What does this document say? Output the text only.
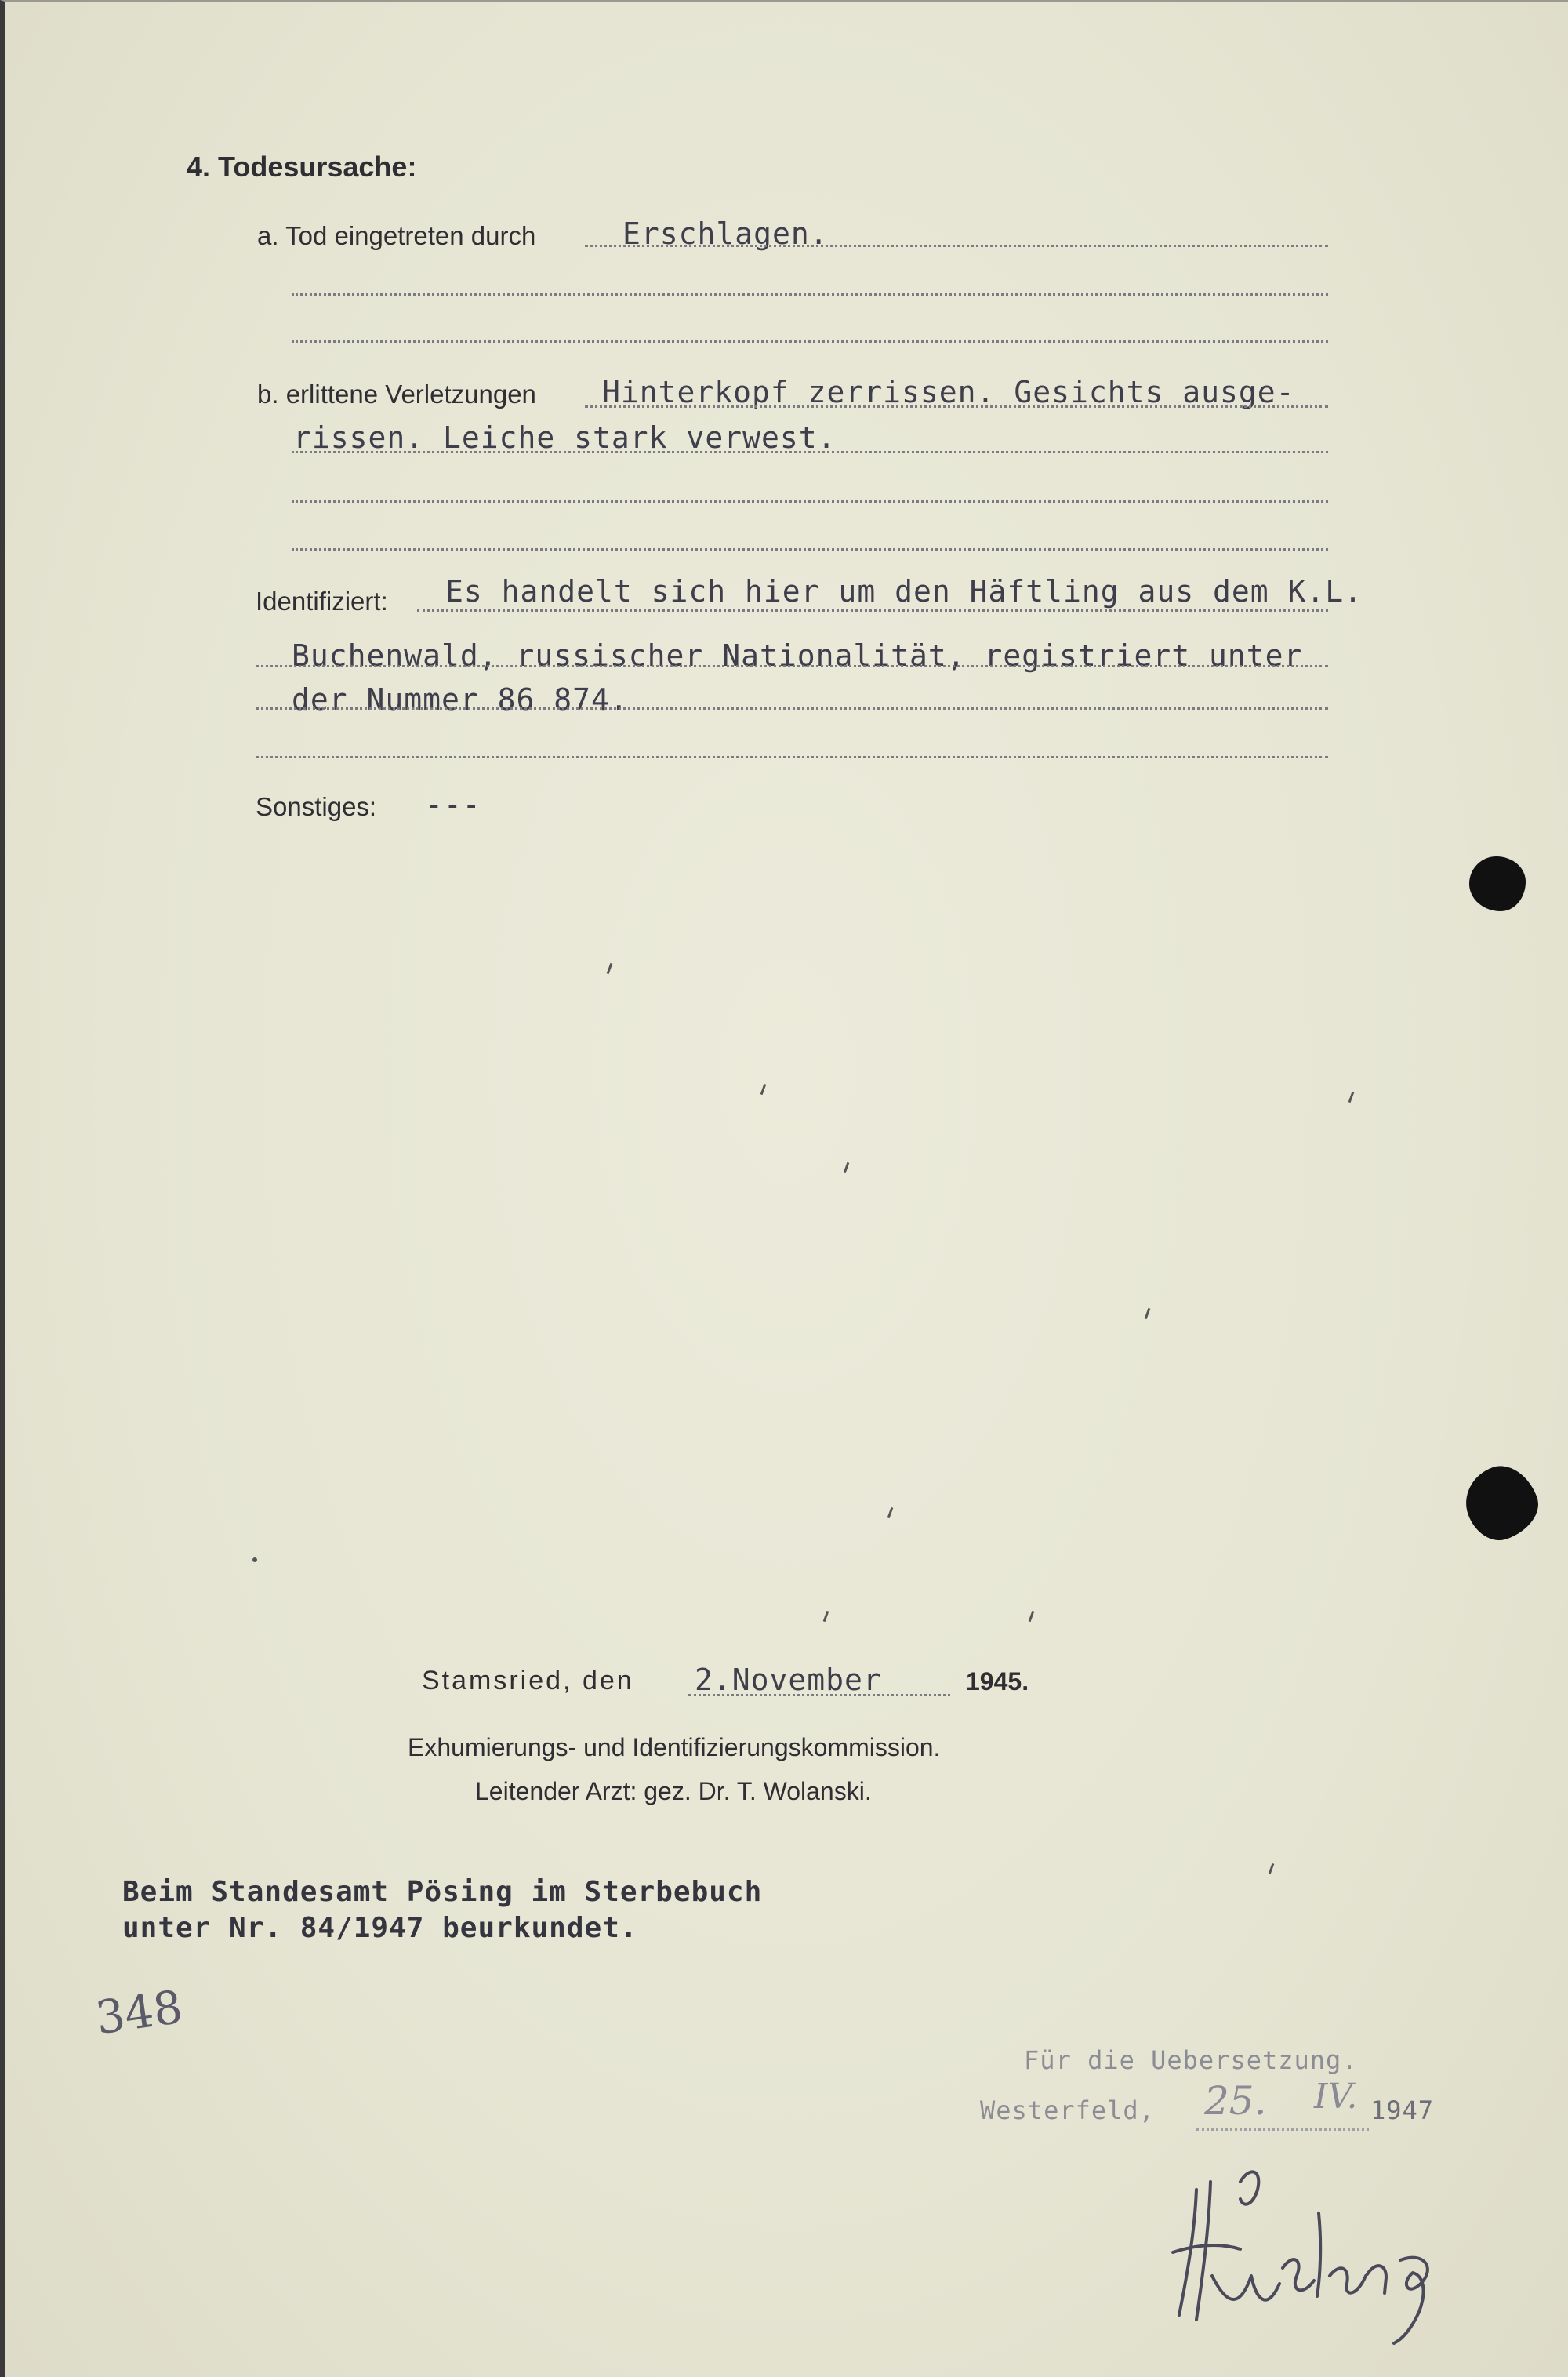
4. Todesursache:
a. Tod eingetreten durch	Erschlagen.
b. erlittene Verletzungen Hinterkopf zerrissen. Gesichts ausge-
rissen. Leiche stark verwest.
Identifiziert: Es handelt sich hier um den Häftling aus dem K.L.
Buchenwald, russischer Nationalität, registriert unter
der Nummer 86 874.
Sonstiges: ---
Stamsried, den 2.November	1945.
Exhumierungs- und Identifizierungskommission.
Leitender Arzt: gez. Dr. T. Wolanski.
Beim Standesamt Pösing im Sterbebuch
unter Nr. 84/1947 beurkundet.
348
Für die Uebersetzung.
Westerfeld, 25. IV. 1947
